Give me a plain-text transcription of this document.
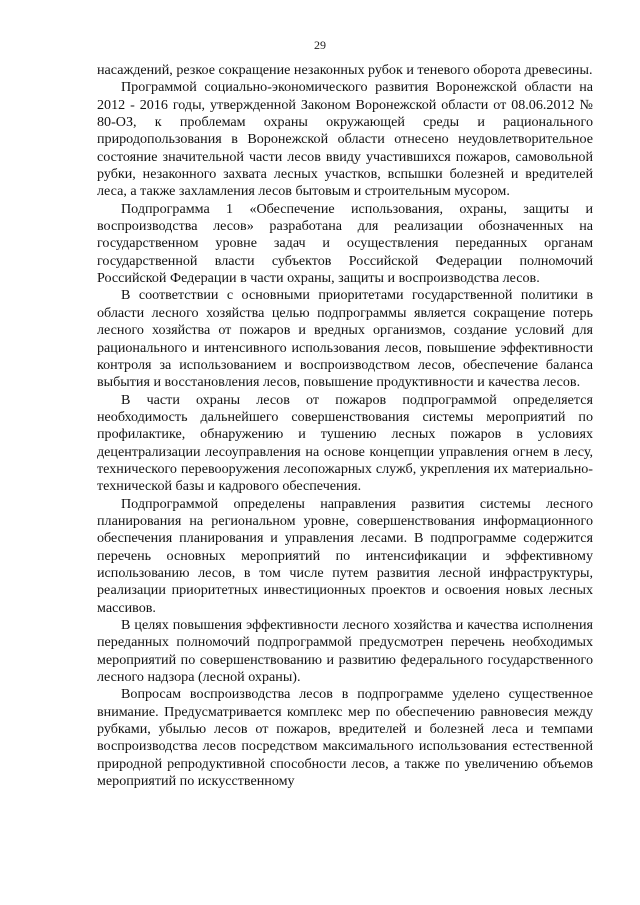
29

насаждений, резкое сокращение незаконных рубок и теневого оборота древесины.

Программой социально-экономического развития Воронежской области на 2012 - 2016 годы, утвержденной Законом Воронежской области от 08.06.2012 № 80-ОЗ, к проблемам охраны окружающей среды и рационального природопользования в Воронежской области отнесено неудовлетворительное состояние значительной части лесов ввиду участившихся пожаров, самовольной рубки, незаконного захвата лесных участков, вспышки болезней и вредителей леса, а также захламления лесов бытовым и строительным мусором.

Подпрограмма 1 «Обеспечение использования, охраны, защиты и воспроизводства лесов» разработана для реализации обозначенных на государственном уровне задач и осуществления переданных органам государственной власти субъектов Российской Федерации полномочий Российской Федерации в части охраны, защиты и воспроизводства лесов.

В соответствии с основными приоритетами государственной политики в области лесного хозяйства целью подпрограммы является сокращение потерь лесного хозяйства от пожаров и вредных организмов, создание условий для рационального и интенсивного использования лесов, повышение эффективности контроля за использованием и воспроизводством лесов, обеспечение баланса выбытия и восстановления лесов, повышение продуктивности и качества лесов.

В части охраны лесов от пожаров подпрограммой определяется необходимость дальнейшего совершенствования системы мероприятий по профилактике, обнаружению и тушению лесных пожаров в условиях децентрализации лесоуправления на основе концепции управления огнем в лесу, технического перевооружения лесопожарных служб, укрепления их материально-технической базы и кадрового обеспечения.

Подпрограммой определены направления развития системы лесного планирования на региональном уровне, совершенствования информационного обеспечения планирования и управления лесами. В подпрограмме содержится перечень основных мероприятий по интенсификации и эффективному использованию лесов, в том числе путем развития лесной инфраструктуры, реализации приоритетных инвестиционных проектов и освоения новых лесных массивов.

В целях повышения эффективности лесного хозяйства и качества исполнения переданных полномочий подпрограммой предусмотрен перечень необходимых мероприятий по совершенствованию и развитию федерального государственного лесного надзора (лесной охраны).

Вопросам воспроизводства лесов в подпрограмме уделено существенное внимание. Предусматривается комплекс мер по обеспечению равновесия между рубками, убылью лесов от пожаров, вредителей и болезней леса и темпами воспроизводства лесов посредством максимального использования естественной природной репродуктивной способности лесов, а также по увеличению объемов мероприятий по искусственному
